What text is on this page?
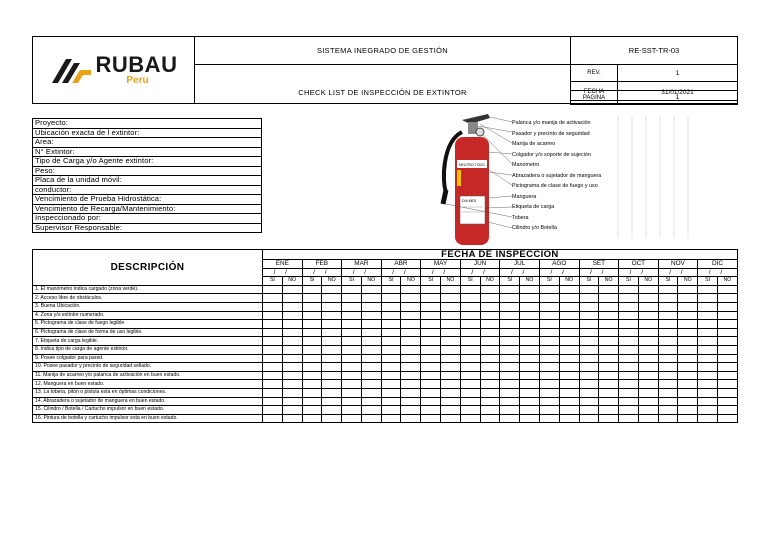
RUBAU
Peru	SISTEMA INEGRADO DE GESTIÓN	RE-SST-TR-03	
	CHECK LIST DE INSPECCIÓN DE EXTINTOR	REV.	1

		FECHA	31/01/2021
PAGINA	1
Proyecto:
Ubicación exacta de l extintor:
Area:
N° Extintor:
Tipo de Carga y/o Agente extintor:
Peso:
Placa de la unidad móvil:
conductor:
Vencimiento de Prueba Hidrostática:
Vencimiento de Recarga/Mantenimiento:
Inspeccionado por:
Supervisor Responsable:
NEUTRO TODO
DIA MES
Palanca y/o manija de activación
Pasador y precinto de seguridad
Manija de acarreo
Colgador y/o soporte de sujeción
Manómetro
Abrazadera o sujetador de manguera
Pictograma de clase de fuego y uso
Manguera
Etiqueta de carga
Tobera
Cilindro y/o Botella
DESCRIPCIÓN	FECHA DE INSPECCION																							
	ENE		FEB		MAR		ABR		MAY		JUN		JUL		AGO		SET		OCT		NOV		DIC	
	/ /		/ /		/ /		/ /		/ /		/ /		/ /		/ /		/ /		/ /		/ /		/ /	
	SI	NO	SI	NO	SI	NO	SI	NO	SI	NO	SI	NO	SI	NO	SI	NO	SI	NO	SI	NO	SI	NO	SI	NO
1. El manómetro indica cargado (zona verde).																								
2. Acceso libre de obstáculos.																								
3. Buena Ubicación.																								
4. Zona y/o extintor numerado.																								
5. Pictograma de clase de fuego legible																								
6. Pictograma de clase de forma de uso legible.																								
7. Etiqueta de carga legible.																								
8. Indica tipo de carga de agente extintor.																								
9. Posee colgador para pared.																								
10. Posee pasador y precinto de seguridad sellado.																								
11. Manija de acarreo y/o palanca de activación en buen estado.																								
12. Manguera en buen estado.																								
13. La tobera, pitón o pistola esta en óptimas condiciones.																								
14. Abrazadera o sujetador de manguera en buen estado.																								
15. Cilindro / Botella / Cartucho impulsor en buen estado.																								
16. Pintura de botella y cartucho impulsor esta en buen estado.																								
